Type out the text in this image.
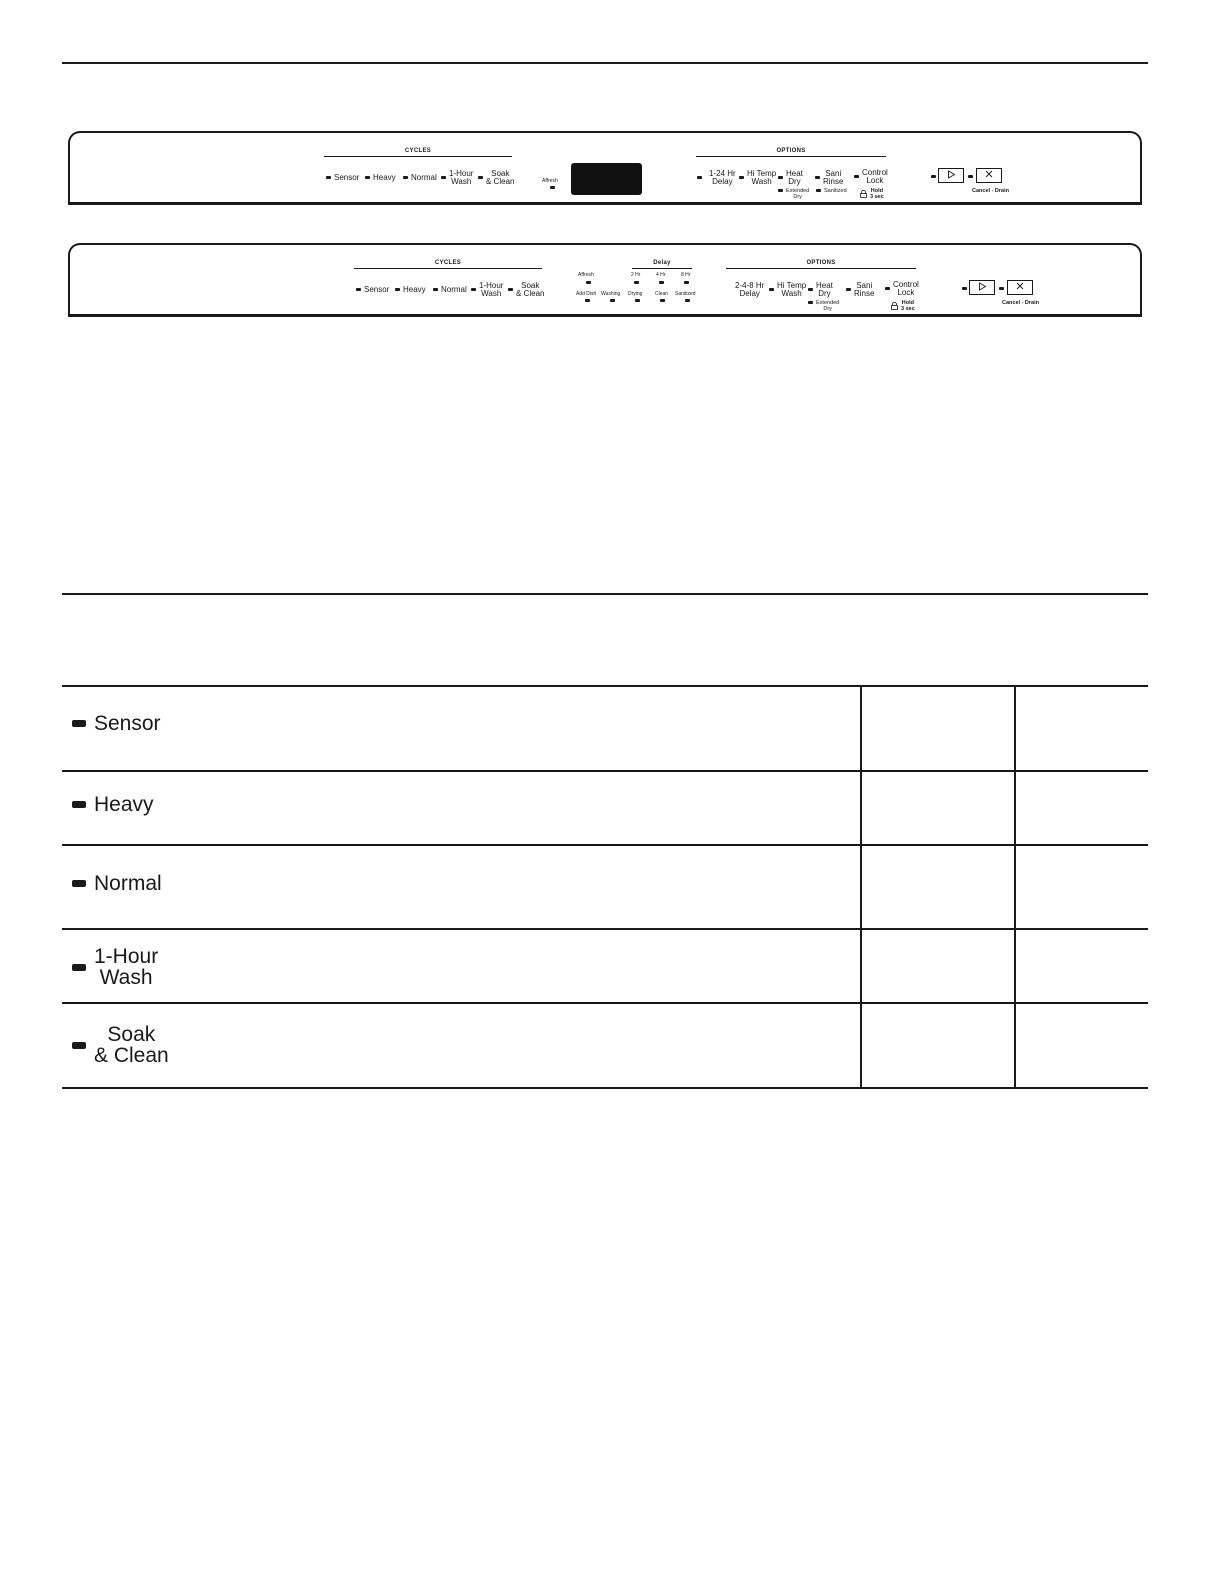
CYCLES
Sensor Heavy Normal 1-Hour
Wash
Soak
& Clean	Affresh
OPTIONS
1-24 Hr
Delay
Hi Temp
Wash
Heat
Dry
Sani
Rinse
Control
Lock
Extended
Dry
Sanitized	Hold
3 sec
Cancel - Drain
CYCLES
Sensor Heavy Normal 1-Hour
Wash
Soak
& Clean
Affresh
Delay
2 Hr	4 Hr	8 Hr
Add Dish Washing Drying	Clean Sanitized
OPTIONS
2-4-8 Hr
Delay
Hi Temp
Wash
Heat
Dry
Sani
Rinse
Control
Lock
Extended
Dry
Hold
3 sec
Cancel - Drain
Sensor
Heavy
Normal
1-Hour
Wash
Soak
& Clean
